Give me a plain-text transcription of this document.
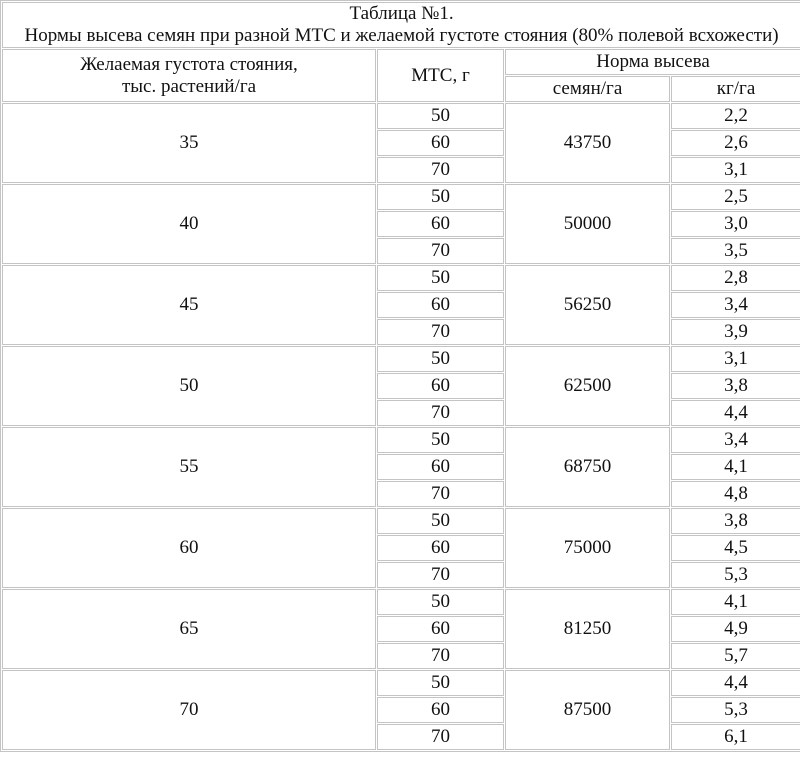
Таблица №1.
Нормы высева семян при разной МТС и желаемой густоте стояния (80% полевой всхожести)			

Желаемая густота стояния,
тыс. растений/га	МТС, г	Норма высева	
		семян/га	кг/га
35	50	43750	2,2
	60		2,6
	70		3,1
40	50	50000	2,5
	60		3,0
	70		3,5
45	50	56250	2,8
	60		3,4
	70		3,9
50	50	62500	3,1
	60		3,8
	70		4,4
55	50	68750	3,4
	60		4,1
	70		4,8
60	50	75000	3,8
	60		4,5
	70		5,3
65	50	81250	4,1
	60		4,9
	70		5,7
70	50	87500	4,4
	60		5,3
	70		6,1
